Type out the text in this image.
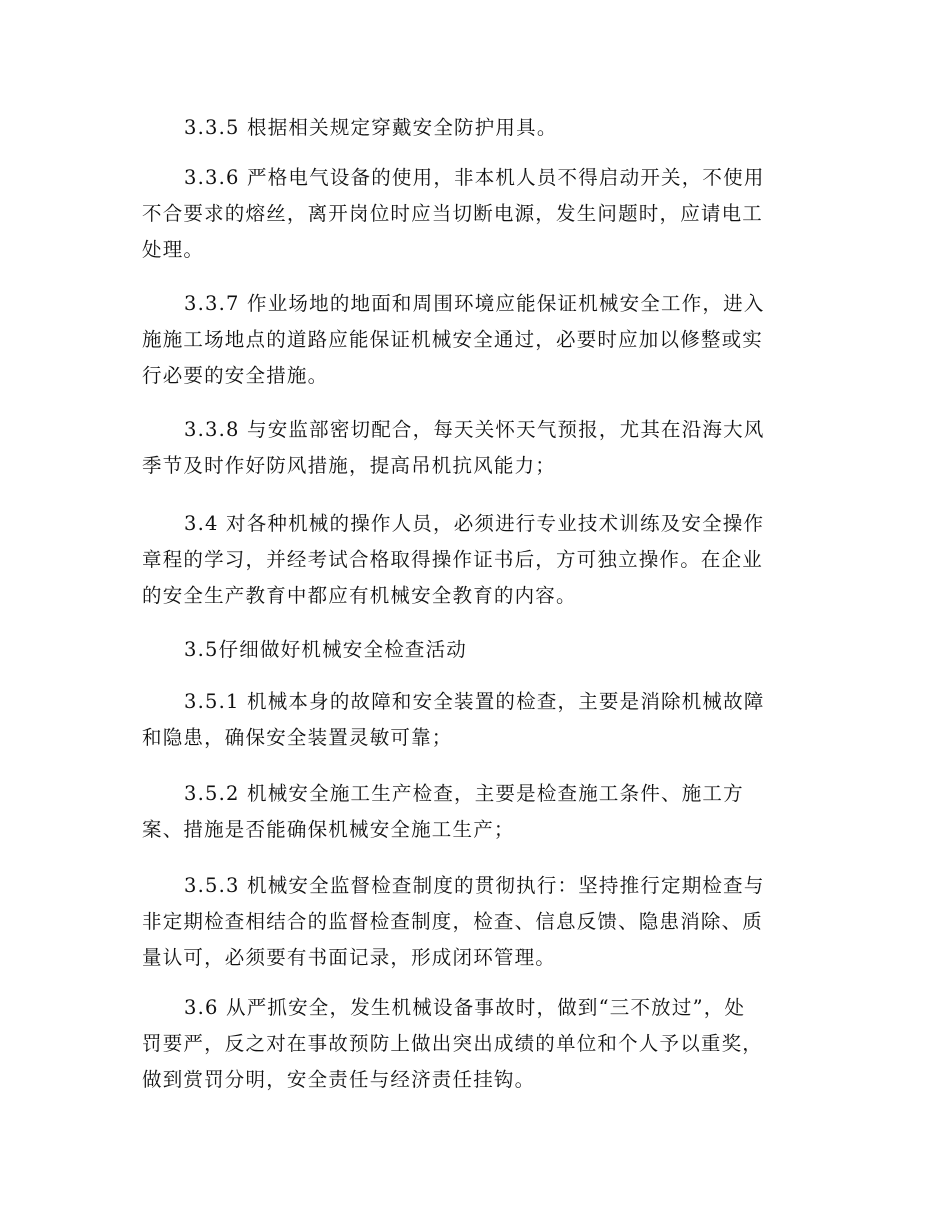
3.3.5 根据相关规定穿戴安全防护用具。

3.3.6 严格电气设备的使用，非本机人员不得启动开关，不使用
不合要求的熔丝，离开岗位时应当切断电源，发生问题时，应请电工
处理。

3.3.7 作业场地的地面和周围环境应能保证机械安全工作，进入
施施工场地点的道路应能保证机械安全通过，必要时应加以修整或实
行必要的安全措施。

3.3.8 与安监部密切配合，每天关怀天气预报，尤其在沿海大风
季节及时作好防风措施，提高吊机抗风能力；

3.4 对各种机械的操作人员，必须进行专业技术训练及安全操作
章程的学习，并经考试合格取得操作证书后，方可独立操作。在企业
的安全生产教育中都应有机械安全教育的内容。

3.5仔细做好机械安全检查活动

3.5.1 机械本身的故障和安全装置的检查，主要是消除机械故障
和隐患，确保安全装置灵敏可靠；

3.5.2 机械安全施工生产检查，主要是检查施工条件、施工方
案、措施是否能确保机械安全施工生产；

3.5.3 机械安全监督检查制度的贯彻执行：坚持推行定期检查与
非定期检查相结合的监督检查制度，检查、信息反馈、隐患消除、质
量认可，必须要有书面记录，形成闭环管理。

3.6 从严抓安全，发生机械设备事故时，做到“三不放过”，处
罚要严，反之对在事故预防上做出突出成绩的单位和个人予以重奖，
做到赏罚分明，安全责任与经济责任挂钩。
